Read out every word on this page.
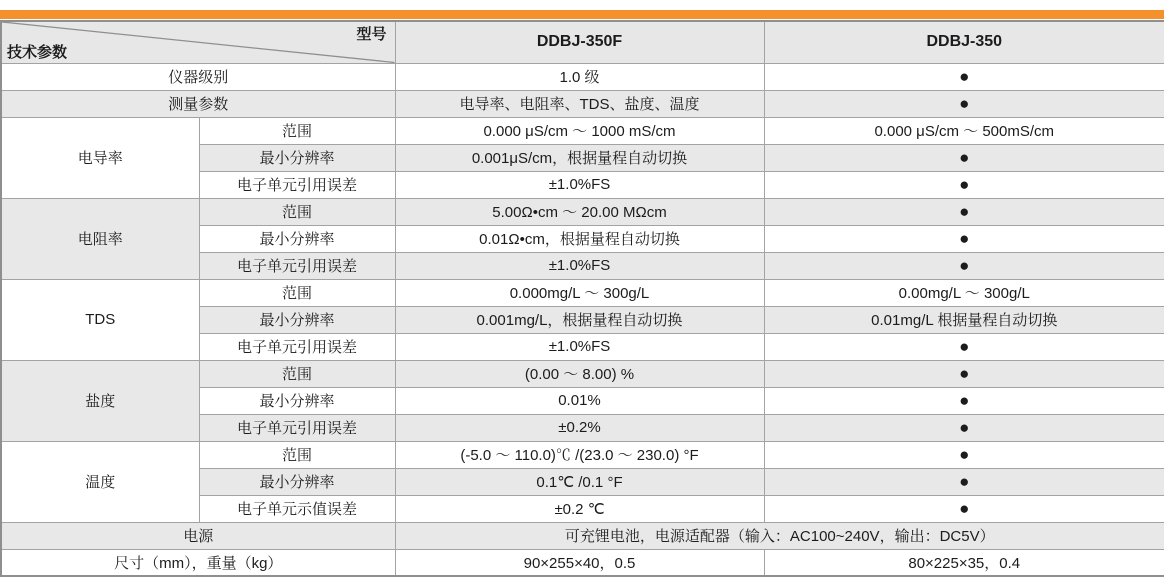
型号
技术参数		DDBJ-350F	DDBJ-350
仪器级别		1.0 级	●
测量参数		电导率、电阻率、TDS、盐度、温度	●
电导率	范围	0.000 μS/cm ～ 1000 mS/cm	0.000 μS/cm ～ 500mS/cm
	最小分辨率	0.001μS/cm，根据量程自动切换	●
	电子单元引用误差	±1.0%FS	●
电阻率	范围	5.00Ω•cm ～ 20.00 MΩcm	●
	最小分辨率	0.01Ω•cm，根据量程自动切换	●
	电子单元引用误差	±1.0%FS	●
TDS	范围	0.000mg/L ～ 300g/L	0.00mg/L ～ 300g/L
	最小分辨率	0.001mg/L，根据量程自动切换	0.01mg/L 根据量程自动切换
	电子单元引用误差	±1.0%FS	●
盐度	范围	(0.00 ～ 8.00) %	●
	最小分辨率	0.01%	●
	电子单元引用误差	±0.2%	●
温度	范围	(-5.0 ～ 110.0)℃ /(23.0 ～ 230.0) °F	●
	最小分辨率	0.1℃ /0.1 °F	●
	电子单元示值误差	±0.2 ℃	●
电源		可充锂电池，电源适配器（输入：AC100~240V，输出：DC5V）	
尺寸（mm），重量（kg）		90×255×40，0.5	80×225×35，0.4
